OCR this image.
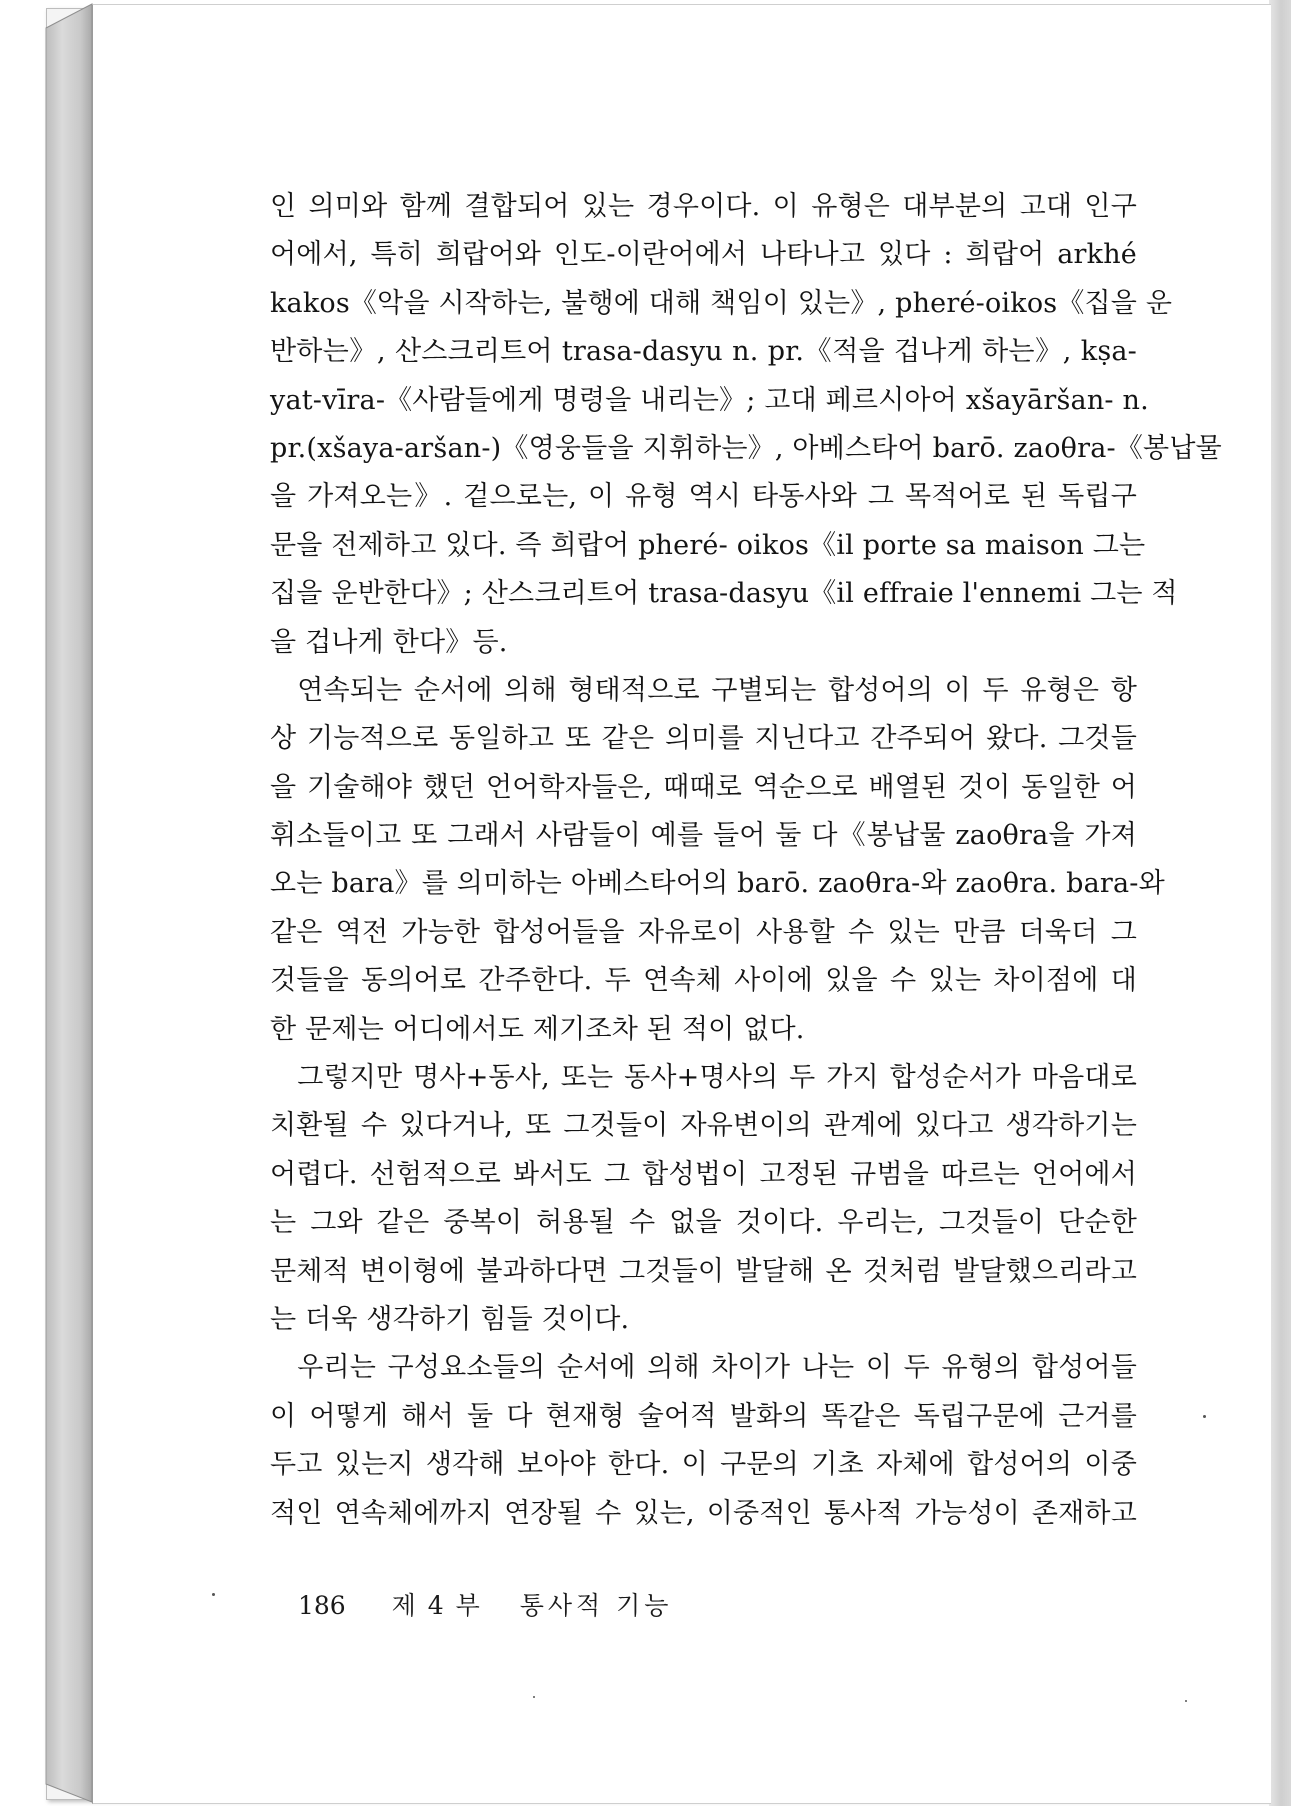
인 의미와 함께 결합되어 있는 경우이다. 이 유형은 대부분의 고대 인구
어에서, 특히 희랍어와 인도-이란어에서 나타나고 있다 : 희랍어 arkhé
kakos《악을 시작하는, 불행에 대해 책임이 있는》, pheré-oikos《집을 운
반하는》, 산스크리트어 trasa-dasyu n. pr.《적을 겁나게 하는》, kṣa-
yat-vīra-《사람들에게 명령을 내리는》; 고대 페르시아어 xšayāršan- n.
pr.(xšaya-aršan-)《영웅들을 지휘하는》, 아베스타어 barō. zaoθra-《봉납물
을 가져오는》. 겉으로는, 이 유형 역시 타동사와 그 목적어로 된 독립구
문을 전제하고 있다. 즉 희랍어 pheré- oikos《il porte sa maison 그는
집을 운반한다》; 산스크리트어 trasa-dasyu《il effraie l'ennemi 그는 적
을 겁나게 한다》등.
 연속되는 순서에 의해 형태적으로 구별되는 합성어의 이 두 유형은 항
상 기능적으로 동일하고 또 같은 의미를 지닌다고 간주되어 왔다. 그것들
을 기술해야 했던 언어학자들은, 때때로 역순으로 배열된 것이 동일한 어
휘소들이고 또 그래서 사람들이 예를 들어 둘 다《봉납물 zaoθra을 가져
오는 bara》를 의미하는 아베스타어의 barō. zaoθra-와 zaoθra. bara-와
같은 역전 가능한 합성어들을 자유로이 사용할 수 있는 만큼 더욱더 그
것들을 동의어로 간주한다. 두 연속체 사이에 있을 수 있는 차이점에 대
한 문제는 어디에서도 제기조차 된 적이 없다.
 그렇지만 명사+동사, 또는 동사+명사의 두 가지 합성순서가 마음대로
치환될 수 있다거나, 또 그것들이 자유변이의 관계에 있다고 생각하기는
어렵다. 선험적으로 봐서도 그 합성법이 고정된 규범을 따르는 언어에서
는 그와 같은 중복이 허용될 수 없을 것이다. 우리는, 그것들이 단순한
문체적 변이형에 불과하다면 그것들이 발달해 온 것처럼 발달했으리라고
는 더욱 생각하기 힘들 것이다.
 우리는 구성요소들의 순서에 의해 차이가 나는 이 두 유형의 합성어들
이 어떻게 해서 둘 다 현재형 술어적 발화의 똑같은 독립구문에 근거를
두고 있는지 생각해 보아야 한다. 이 구문의 기초 자체에 합성어의 이중
적인 연속체에까지 연장될 수 있는, 이중적인 통사적 가능성이 존재하고
186 제 4 부 통사적 기능
